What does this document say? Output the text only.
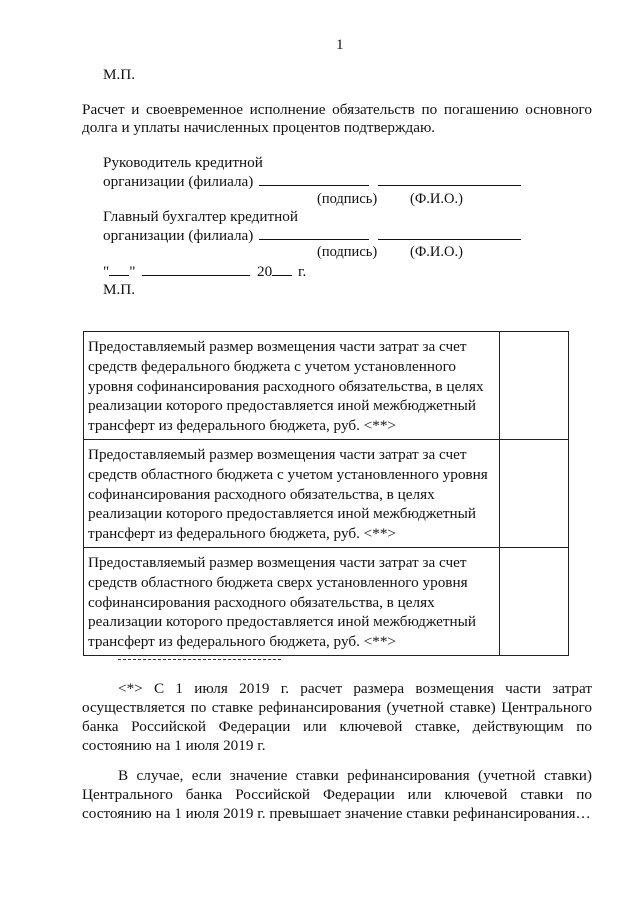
1
М.П.
Расчет и своевременное исполнение обязательств по погашению основного
долга и уплаты начисленных процентов подтверждаю.
Руководитель кредитной
организации (филиала)
(подпись) (Ф.И.О.)
Главный бухгалтер кредитной
организации (филиала)
(подпись) (Ф.И.О.)
" "	20 г.
М.П.
Предоставляемый размер возмещения части затрат за счет средств федерального бюджета с учетом установленного уровня софинансирования расходного обязательства, в целях реализации которого предоставляется иной межбюджетный трансферт из федерального бюджета, руб. <**>	
Предоставляемый размер возмещения части затрат за счет средств областного бюджета с учетом установленного уровня софинансирования расходного обязательства, в целях реализации которого предоставляется иной межбюджетный трансферт из федерального бюджета, руб. <**>	
Предоставляемый размер возмещения части затрат за счет средств областного бюджета сверх установленного уровня софинансирования расходного обязательства, в целях реализации которого предоставляется иной межбюджетный трансферт из федерального бюджета, руб. <**>	
<*> С 1 июля 2019 г. расчет размера возмещения части затрат осуществляется по ставке рефинансирования (учетной ставке) Центрального банка Российской Федерации или ключевой ставке, действующим по состоянию на 1 июля 2019 г.
В случае, если значение ставки рефинансирования (учетной ставки) Центрального банка Российской Федерации или ключевой ставки по состоянию на 1 июля 2019 г. превышает значение ставки рефинансирования…
